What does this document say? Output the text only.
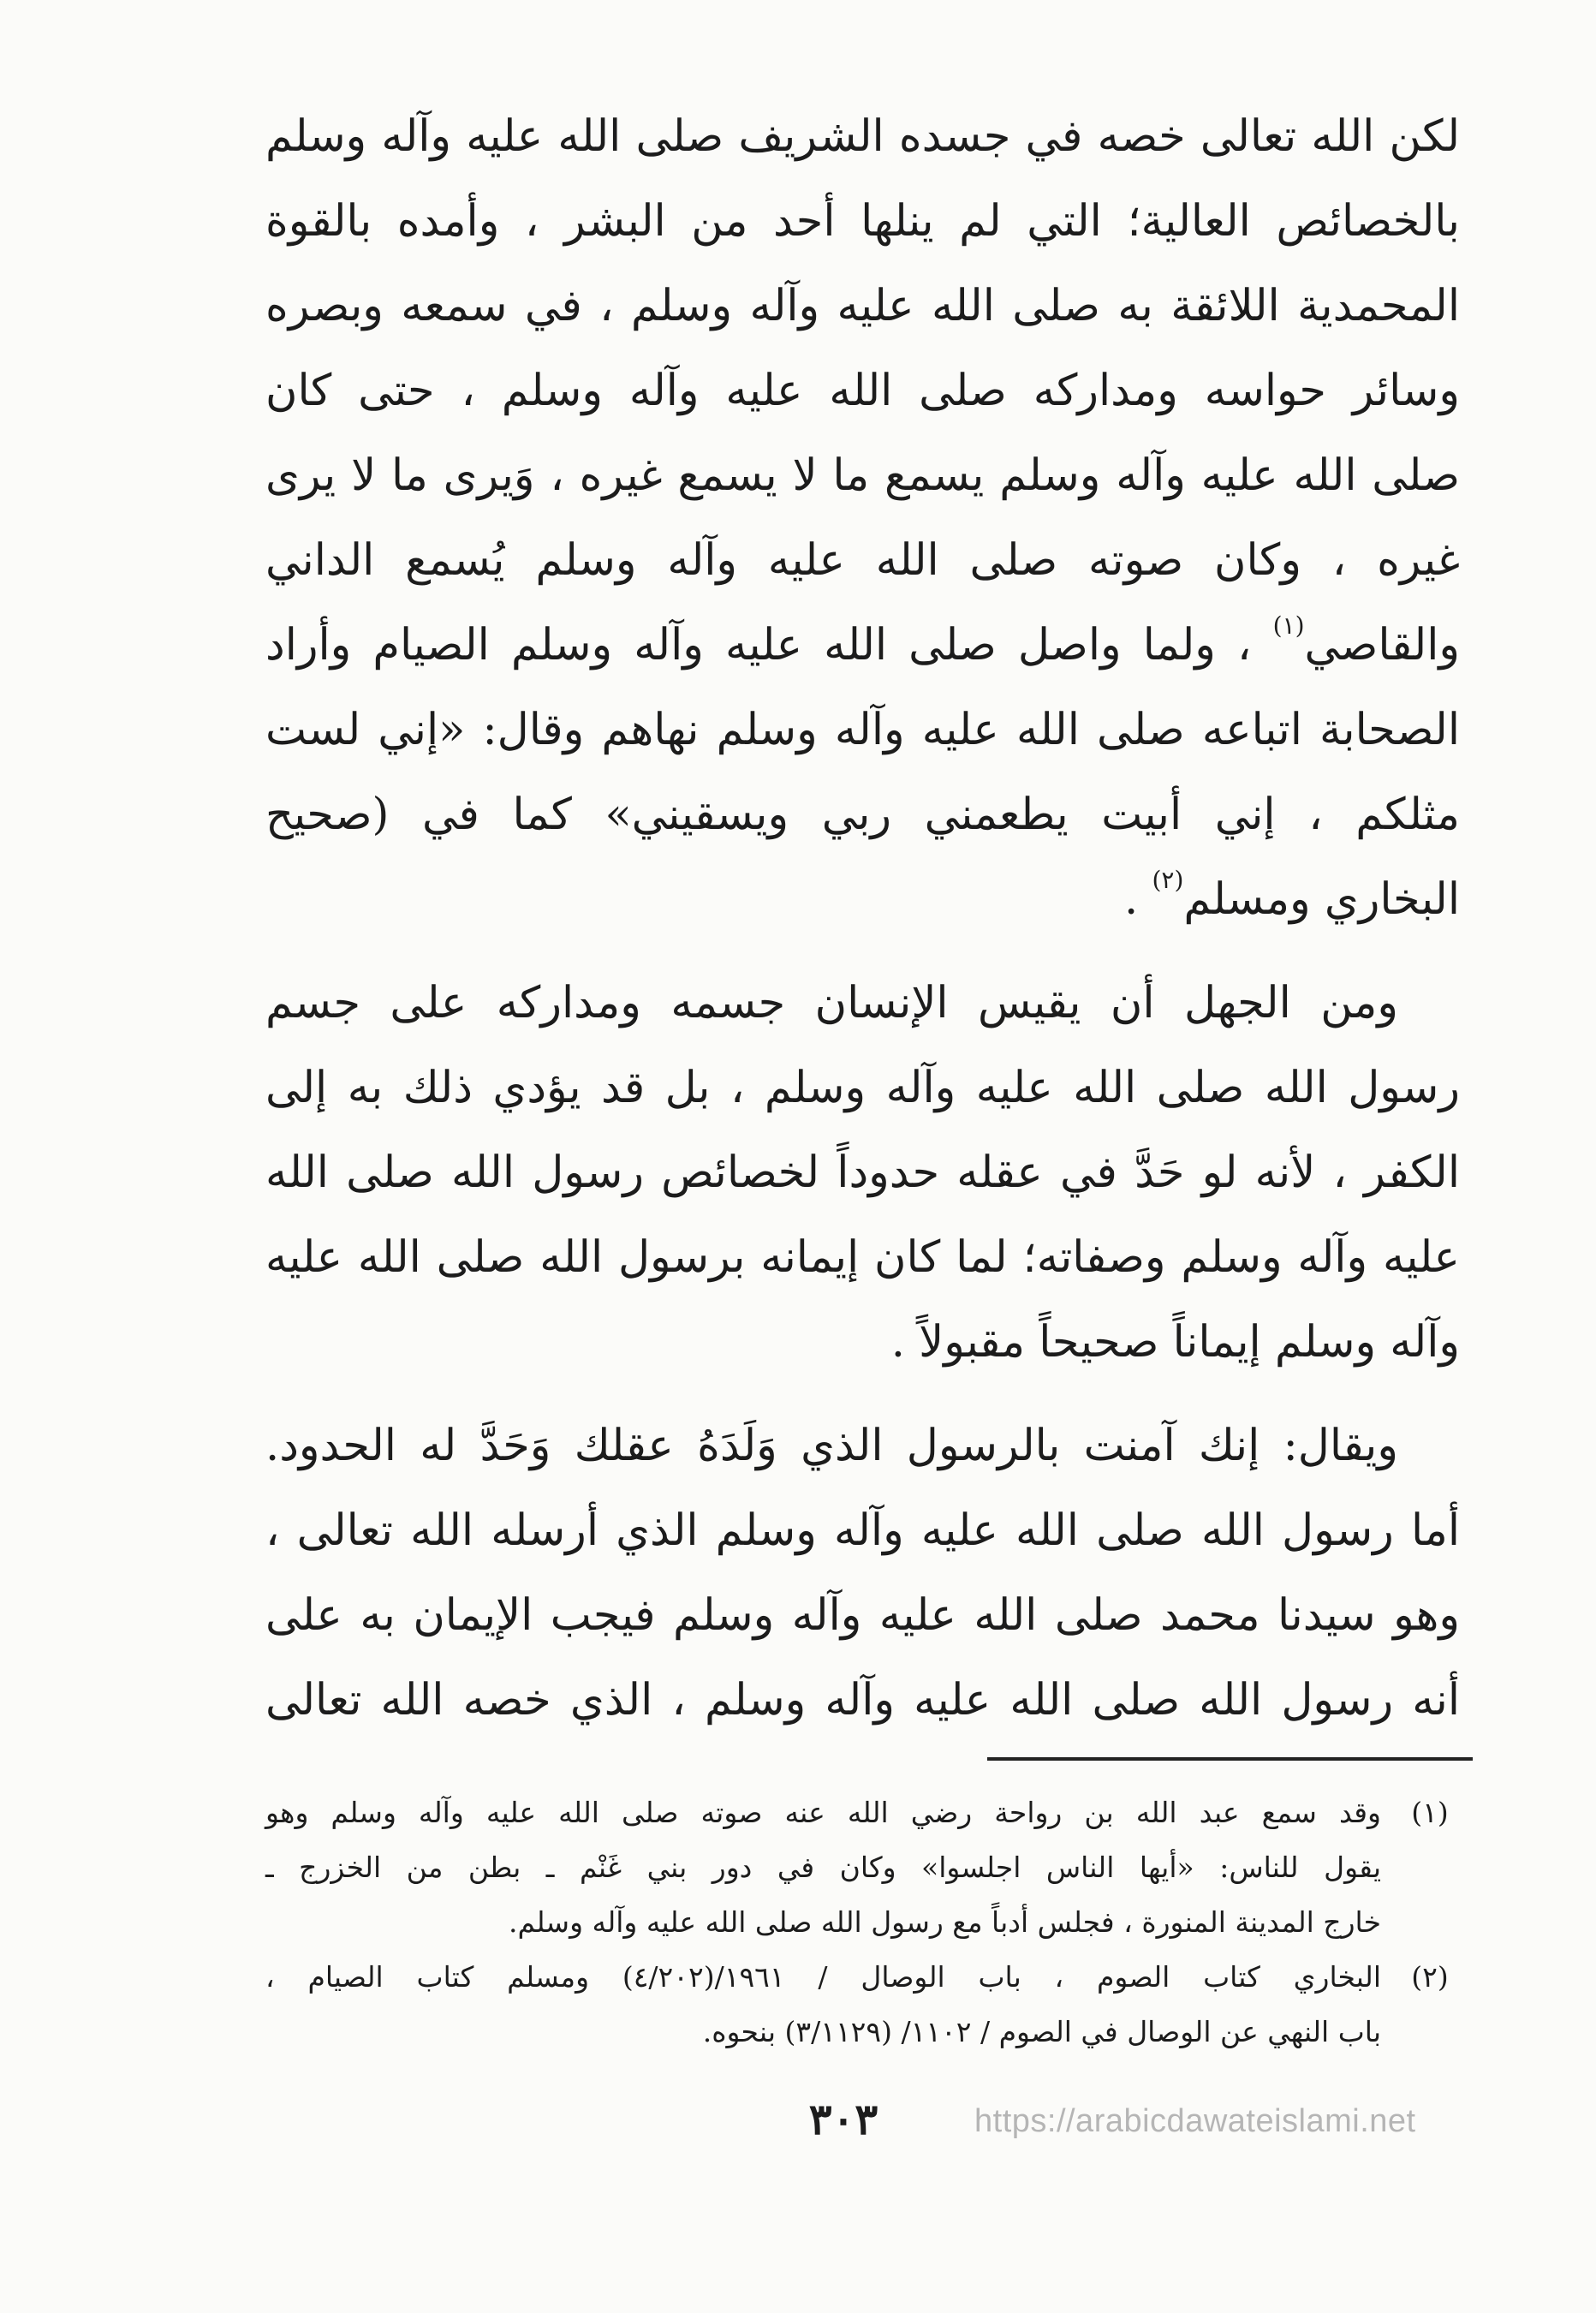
لكن الله تعالى خصه في جسده الشريف صلى الله عليه وآله وسلم
بالخصائص العالية؛ التي لم ينلها أحد من البشر ، وأمده بالقوة
المحمدية اللائقة به صلى الله عليه وآله وسلم ، في سمعه وبصره
وسائر حواسه ومداركه صلى الله عليه وآله وسلم ، حتى كان
صلى الله عليه وآله وسلم يسمع ما لا يسمع غيره ، وَيرى ما لا يرى
غيره ، وكان صوته صلى الله عليه وآله وسلم يُسمع الداني
والقاصي$^{(١)}$ ، ولما واصل صلى الله عليه وآله وسلم الصيام وأراد
الصحابة اتباعه صلى الله عليه وآله وسلم نهاهم وقال: «إني لست
مثلكم ، إني أبيت يطعمني ربي ويسقيني» كما في (صحيح
البخاري ومسلم$^{(٢)}$ .
ومن الجهل أن يقيس الإنسان جسمه ومداركه على جسم
رسول الله صلى الله عليه وآله وسلم ، بل قد يؤدي ذلك به إلى
الكفر ، لأنه لو حَدَّ في عقله حدوداً لخصائص رسول الله صلى الله
عليه وآله وسلم وصفاته؛ لما كان إيمانه برسول الله صلى الله عليه
وآله وسلم إيماناً صحيحاً مقبولاً .
ويقال: إنك آمنت بالرسول الذي وَلَدَهُ عقلك وَحَدَّ له الحدود.
أما رسول الله صلى الله عليه وآله وسلم الذي أرسله الله تعالى ،
وهو سيدنا محمد صلى الله عليه وآله وسلم فيجب الإيمان به على
أنه رسول الله صلى الله عليه وآله وسلم ، الذي خصه الله تعالى
(١)
وقد سمع عبد الله بن رواحة رضي الله عنه صوته صلى الله عليه وآله وسلم وهو
يقول للناس: «أيها الناس اجلسوا» وكان في دور بني غَنْم ـ بطن من الخزرج ـ
خارج المدينة المنورة ، فجلس أدباً مع رسول الله صلى الله عليه وآله وسلم.
(٢)
البخاري كتاب الصوم ، باب الوصال / ١٩٦١/(٤/٢٠٢) ومسلم كتاب الصيام ،
باب النهي عن الوصال في الصوم / ١١٠٢/ (٣/١١٢٩) بنحوه.
٣٠٣	https://arabicdawateislami.net
